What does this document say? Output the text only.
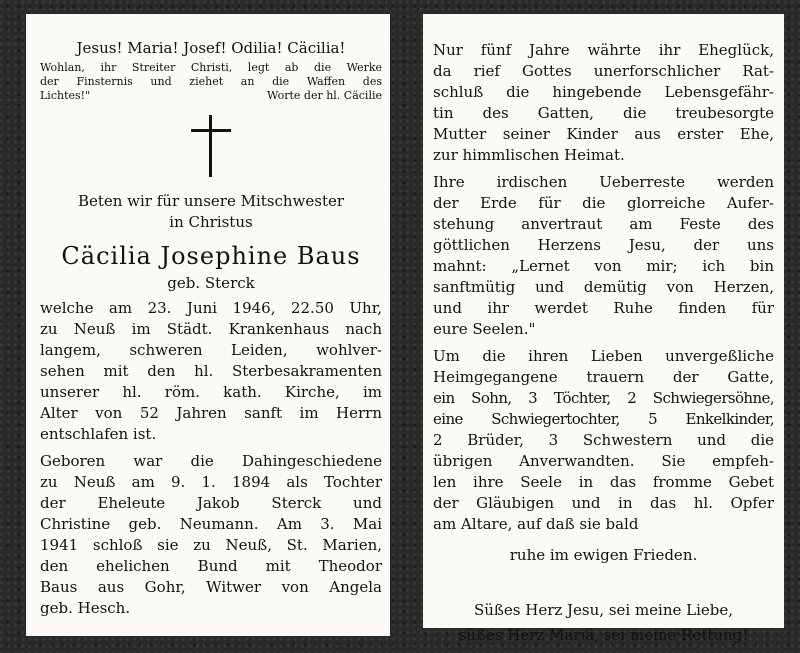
Jesus! Maria! Josef! Odilia! Cäcilia!
Wohlan, ihr Streiter Christi, legt ab die Werke
der Finsternis und ziehet an die Waffen des
Lichtes!"	Worte der hl. Cäcilie
Beten wir für unsere Mitschwester
in Christus
Cäcilia Josephine Baus
geb. Sterck
welche am 23. Juni 1946, 22.50 Uhr,
zu Neuß im Städt. Krankenhaus nach
langem, schweren Leiden, wohlver-
sehen mit den hl. Sterbesakramenten
unserer hl. röm. kath. Kirche, im
Alter von 52 Jahren sanft im Herrn
entschlafen ist.
Geboren war die Dahingeschiedene
zu Neuß am 9. 1. 1894 als Tochter
der Eheleute Jakob Sterck und
Christine geb. Neumann. Am 3. Mai
1941 schloß sie zu Neuß, St. Marien,
den ehelichen Bund mit Theodor
Baus aus Gohr, Witwer von Angela
geb. Hesch.
Nur fünf Jahre währte ihr Eheglück,
da rief Gottes unerforschlicher Rat-
schluß die hingebende Lebensgefähr-
tin des Gatten, die treubesorgte
Mutter seiner Kinder aus erster Ehe,
zur himmlischen Heimat.
Ihre irdischen Ueberreste werden
der Erde für die glorreiche Aufer-
stehung anvertraut am Feste des
göttlichen Herzens Jesu, der uns
mahnt: „Lernet von mir; ich bin
sanftmütig und demütig von Herzen,
und ihr werdet Ruhe finden für
eure Seelen."
Um die ihren Lieben unvergeßliche
Heimgegangene trauern der Gatte,
ein Sohn, 3 Töchter, 2 Schwiegersöhne,
eine Schwiegertochter, 5 Enkelkinder,
2 Brüder, 3 Schwestern und die
übrigen Anverwandten. Sie empfeh-
len ihre Seele in das fromme Gebet
der Gläubigen und in das hl. Opfer
am Altare, auf daß sie bald
ruhe im ewigen Frieden.
Süßes Herz Jesu, sei meine Liebe,
süßes Herz Mariä, sei meine Rettung!
